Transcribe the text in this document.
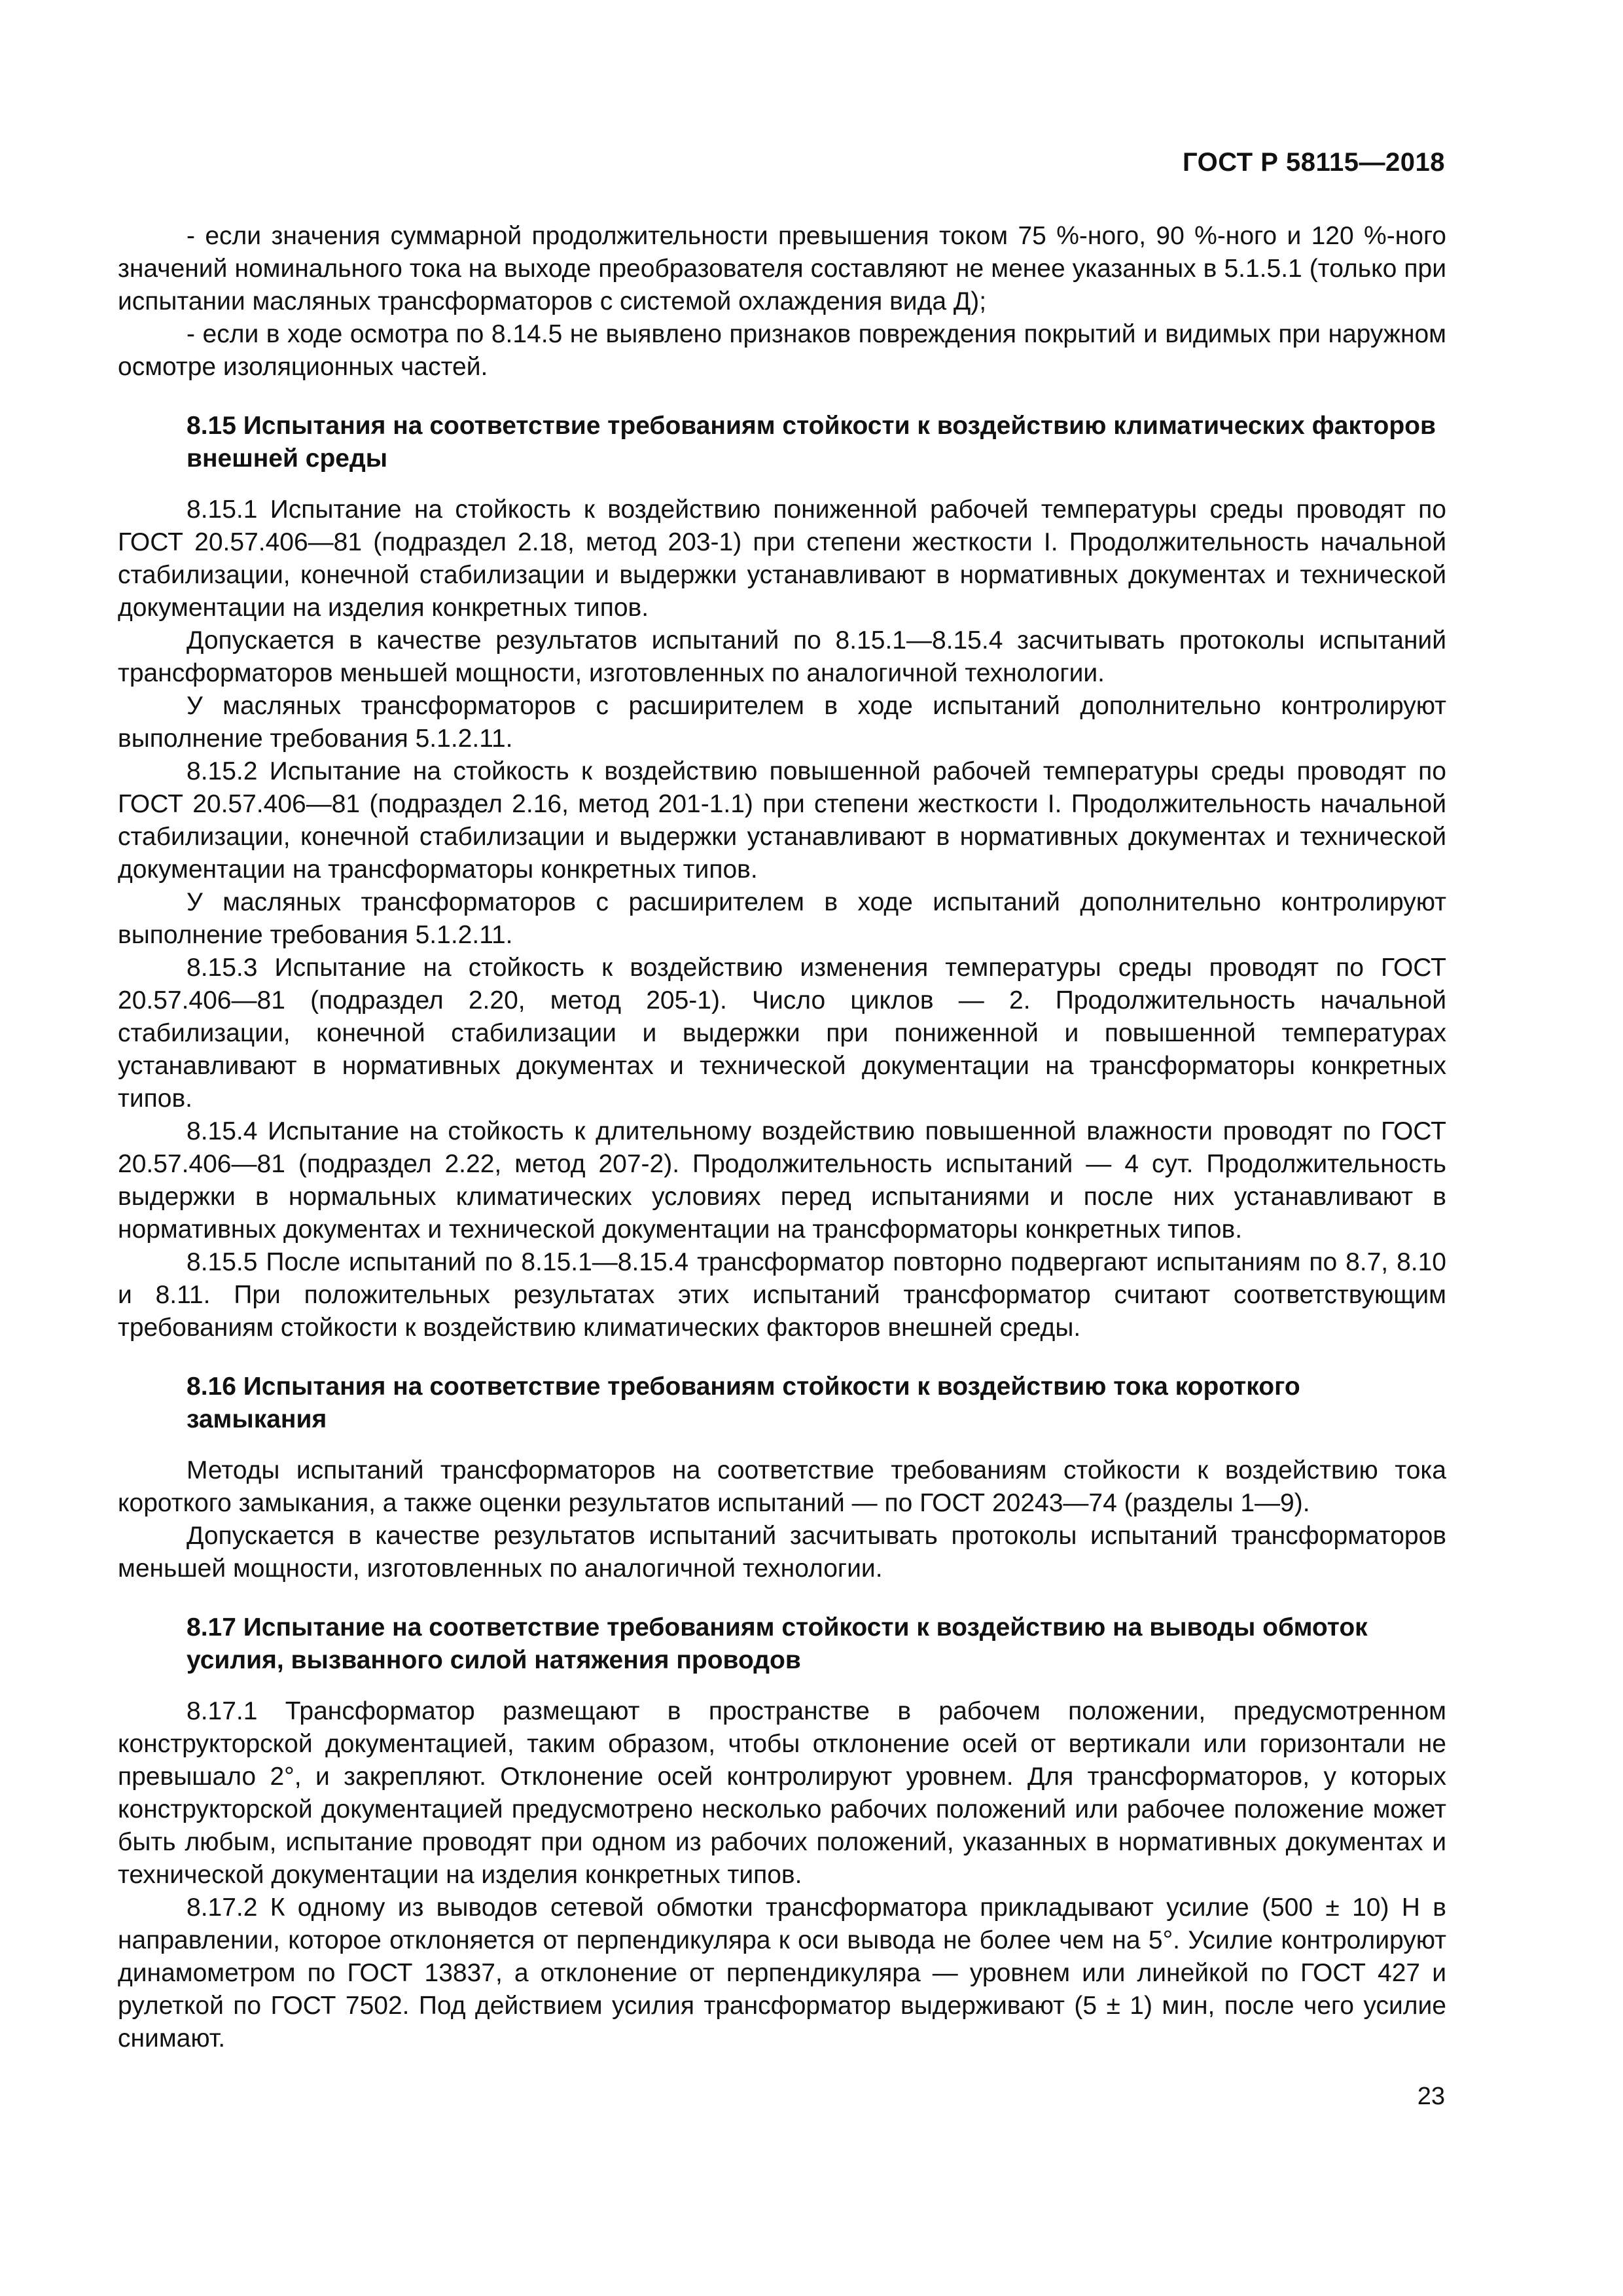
ГОСТ Р 58115—2018

- если значения суммарной продолжительности превышения током 75 %-ного, 90 %-ного и 120 %-ного значений номинального тока на выходе преобразователя составляют не менее указанных в 5.1.5.1 (только при испытании масляных трансформаторов с системой охлаждения вида Д);

- если в ходе осмотра по 8.14.5 не выявлено признаков повреждения покрытий и видимых при наружном осмотре изоляционных частей.

8.15 Испытания на соответствие требованиям стойкости к воздействию климатических факторов внешней среды

8.15.1 Испытание на стойкость к воздействию пониженной рабочей температуры среды проводят по ГОСТ 20.57.406—81 (подраздел 2.18, метод 203-1) при степени жесткости I. Продолжительность начальной стабилизации, конечной стабилизации и выдержки устанавливают в нормативных документах и технической документации на изделия конкретных типов.

Допускается в качестве результатов испытаний по 8.15.1—8.15.4 засчитывать протоколы испытаний трансформаторов меньшей мощности, изготовленных по аналогичной технологии.

У масляных трансформаторов с расширителем в ходе испытаний дополнительно контролируют выполнение требования 5.1.2.11.

8.15.2 Испытание на стойкость к воздействию повышенной рабочей температуры среды проводят по ГОСТ 20.57.406—81 (подраздел 2.16, метод 201-1.1) при степени жесткости I. Продолжительность начальной стабилизации, конечной стабилизации и выдержки устанавливают в нормативных документах и технической документации на трансформаторы конкретных типов.

У масляных трансформаторов с расширителем в ходе испытаний дополнительно контролируют выполнение требования 5.1.2.11.

8.15.3 Испытание на стойкость к воздействию изменения температуры среды проводят по ГОСТ 20.57.406—81 (подраздел 2.20, метод 205-1). Число циклов — 2. Продолжительность начальной стабилизации, конечной стабилизации и выдержки при пониженной и повышенной температурах устанавливают в нормативных документах и технической документации на трансформаторы конкретных типов.

8.15.4 Испытание на стойкость к длительному воздействию повышенной влажности проводят по ГОСТ 20.57.406—81 (подраздел 2.22, метод 207-2). Продолжительность испытаний — 4 сут. Продолжительность выдержки в нормальных климатических условиях перед испытаниями и после них устанавливают в нормативных документах и технической документации на трансформаторы конкретных типов.

8.15.5 После испытаний по 8.15.1—8.15.4 трансформатор повторно подвергают испытаниям по 8.7, 8.10 и 8.11. При положительных результатах этих испытаний трансформатор считают соответствующим требованиям стойкости к воздействию климатических факторов внешней среды.

8.16 Испытания на соответствие требованиям стойкости к воздействию тока короткого замыкания

Методы испытаний трансформаторов на соответствие требованиям стойкости к воздействию тока короткого замыкания, а также оценки результатов испытаний — по ГОСТ 20243—74 (разделы 1—9).

Допускается в качестве результатов испытаний засчитывать протоколы испытаний трансформаторов меньшей мощности, изготовленных по аналогичной технологии.

8.17 Испытание на соответствие требованиям стойкости к воздействию на выводы обмоток усилия, вызванного силой натяжения проводов

8.17.1 Трансформатор размещают в пространстве в рабочем положении, предусмотренном конструкторской документацией, таким образом, чтобы отклонение осей от вертикали или горизонтали не превышало 2°, и закрепляют. Отклонение осей контролируют уровнем. Для трансформаторов, у которых конструкторской документацией предусмотрено несколько рабочих положений или рабочее положение может быть любым, испытание проводят при одном из рабочих положений, указанных в нормативных документах и технической документации на изделия конкретных типов.

8.17.2 К одному из выводов сетевой обмотки трансформатора прикладывают усилие (500 ± 10) Н в направлении, которое отклоняется от перпендикуляра к оси вывода не более чем на 5°. Усилие контролируют динамометром по ГОСТ 13837, а отклонение от перпендикуляра — уровнем или линейкой по ГОСТ 427 и рулеткой по ГОСТ 7502. Под действием усилия трансформатор выдерживают (5 ± 1) мин, после чего усилие снимают.

23
